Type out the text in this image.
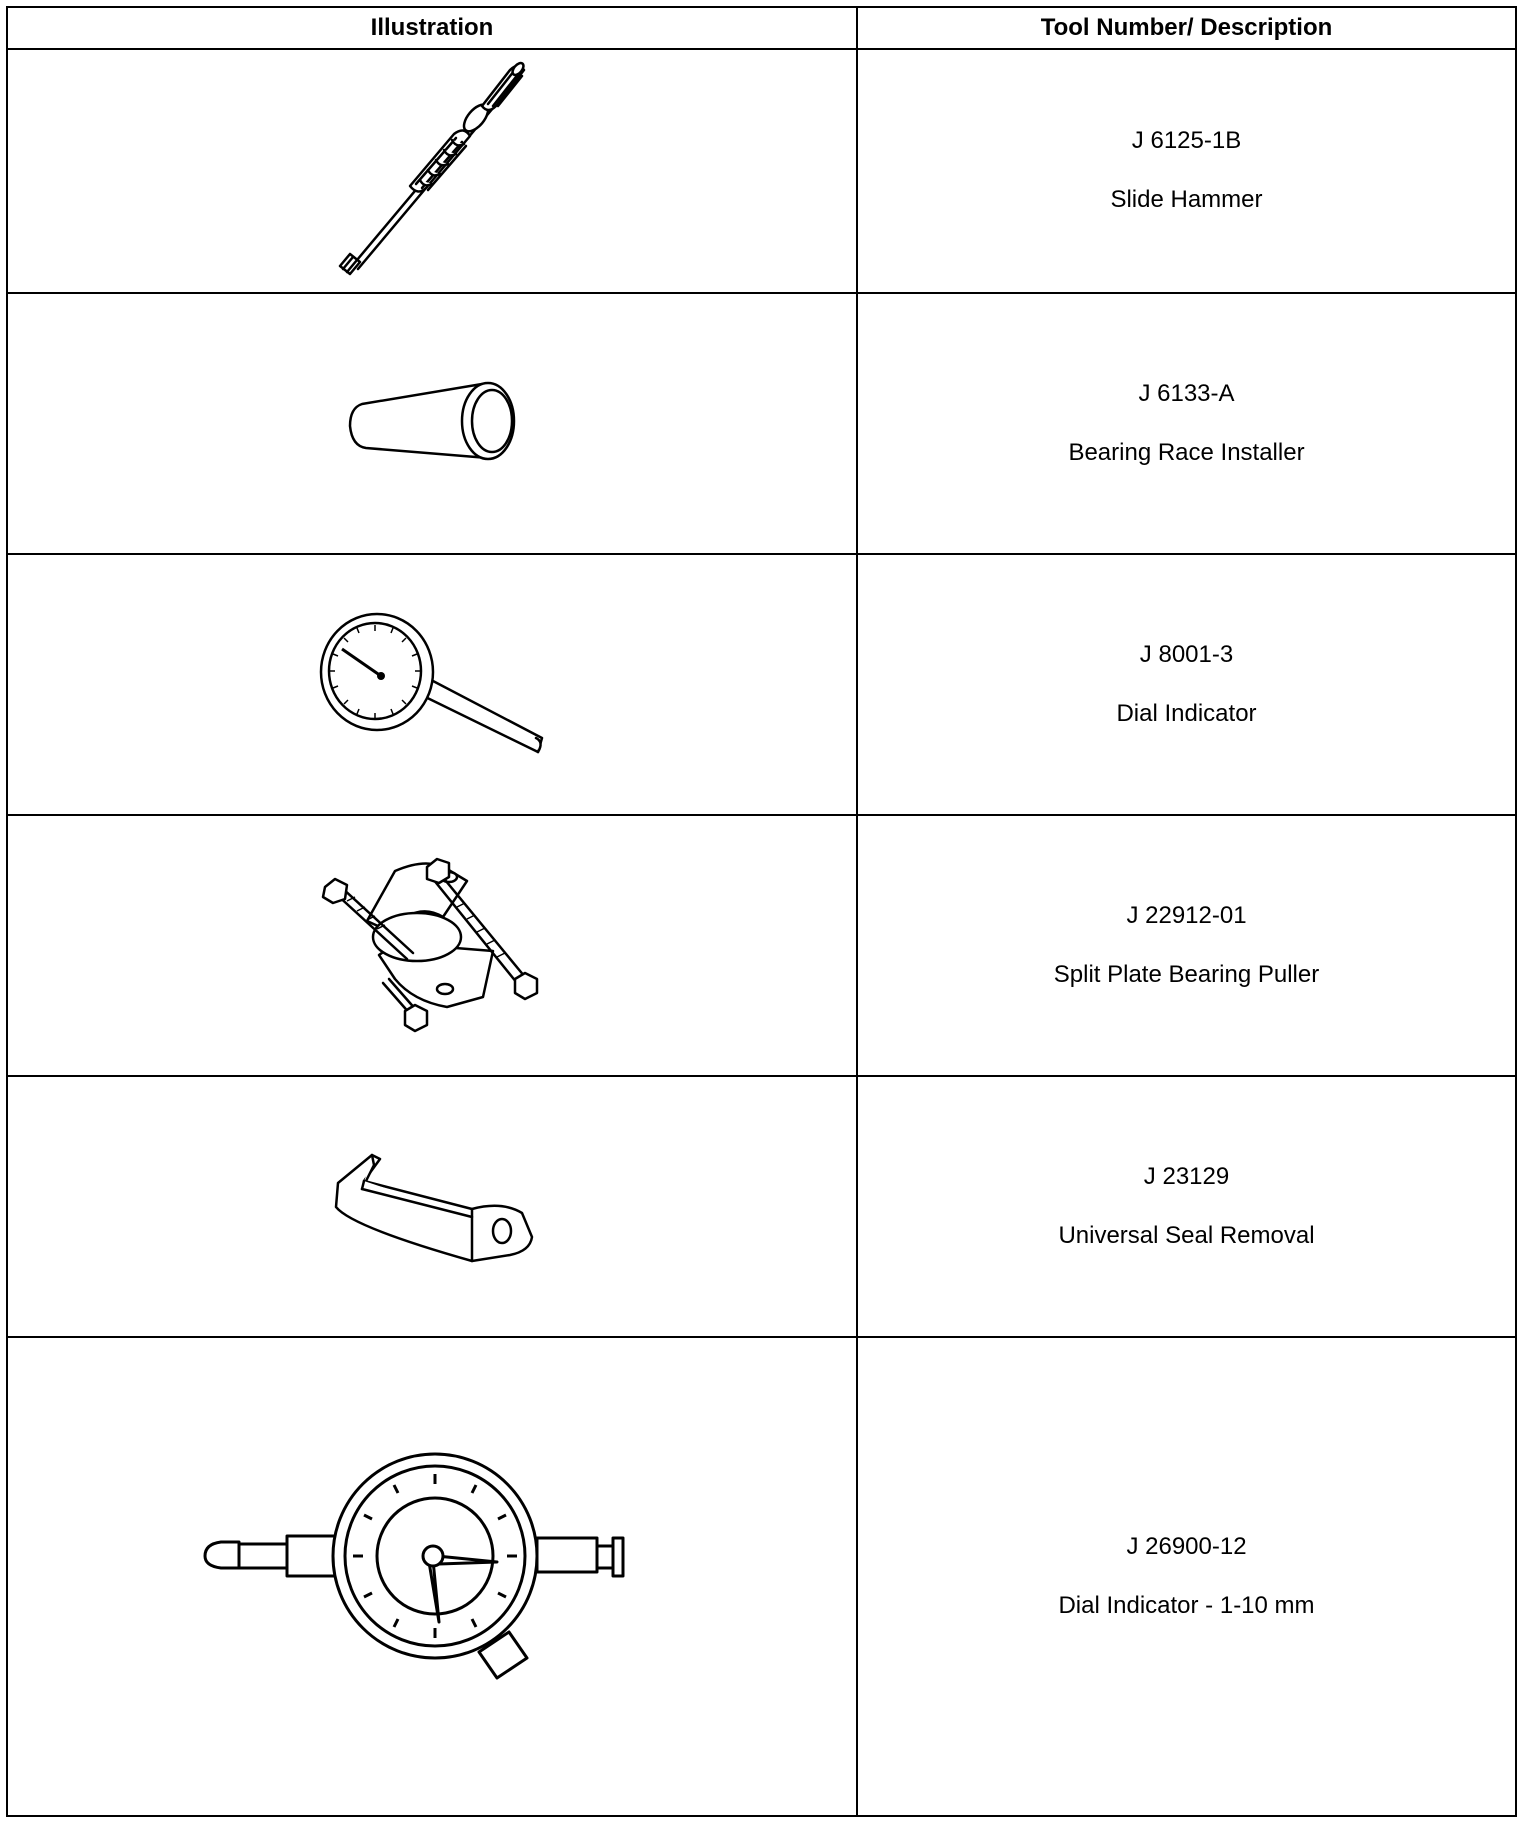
Illustration	Tool Number/ Description

J 6125-1B
Slide Hammer

J 6133-A
Bearing Race Installer

J 8001-3
Dial Indicator

J 22912-01
Split Plate Bearing Puller

J 23129
Universal Seal Removal

J 26900-12
Dial Indicator - 1-10 mm
